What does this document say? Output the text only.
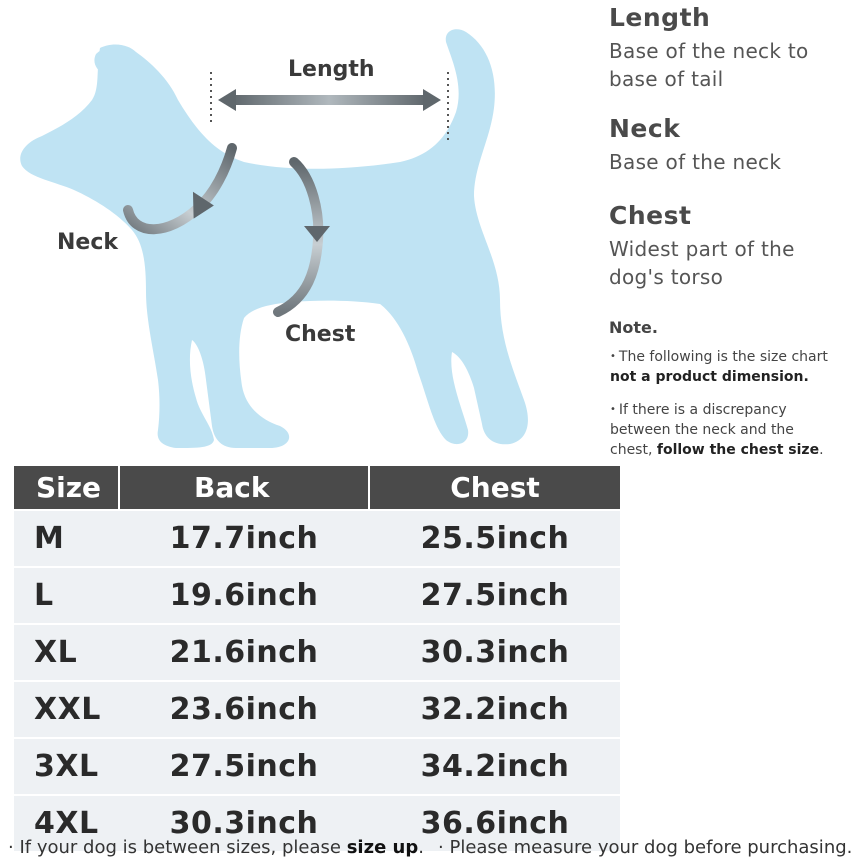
Length
Neck
Chest
Length

Base of the neck to

base of tail

Neck

Base of the neck

Chest

Widest part of the

dog's torso

Note.
• The following is the size chart
not a product dimension.
• If there is a discrepancy
between the neck and the
chest, follow the chest size.
Size	Back	Chest
M	17.7inch	25.5inch
L	19.6inch	27.5inch
XL	21.6inch	30.3inch
XXL	23.6inch	32.2inch
3XL	27.5inch	34.2inch
4XL	30.3inch	36.6inch
· If your dog is between sizes, please size up. · Please measure your dog before purchasing.
